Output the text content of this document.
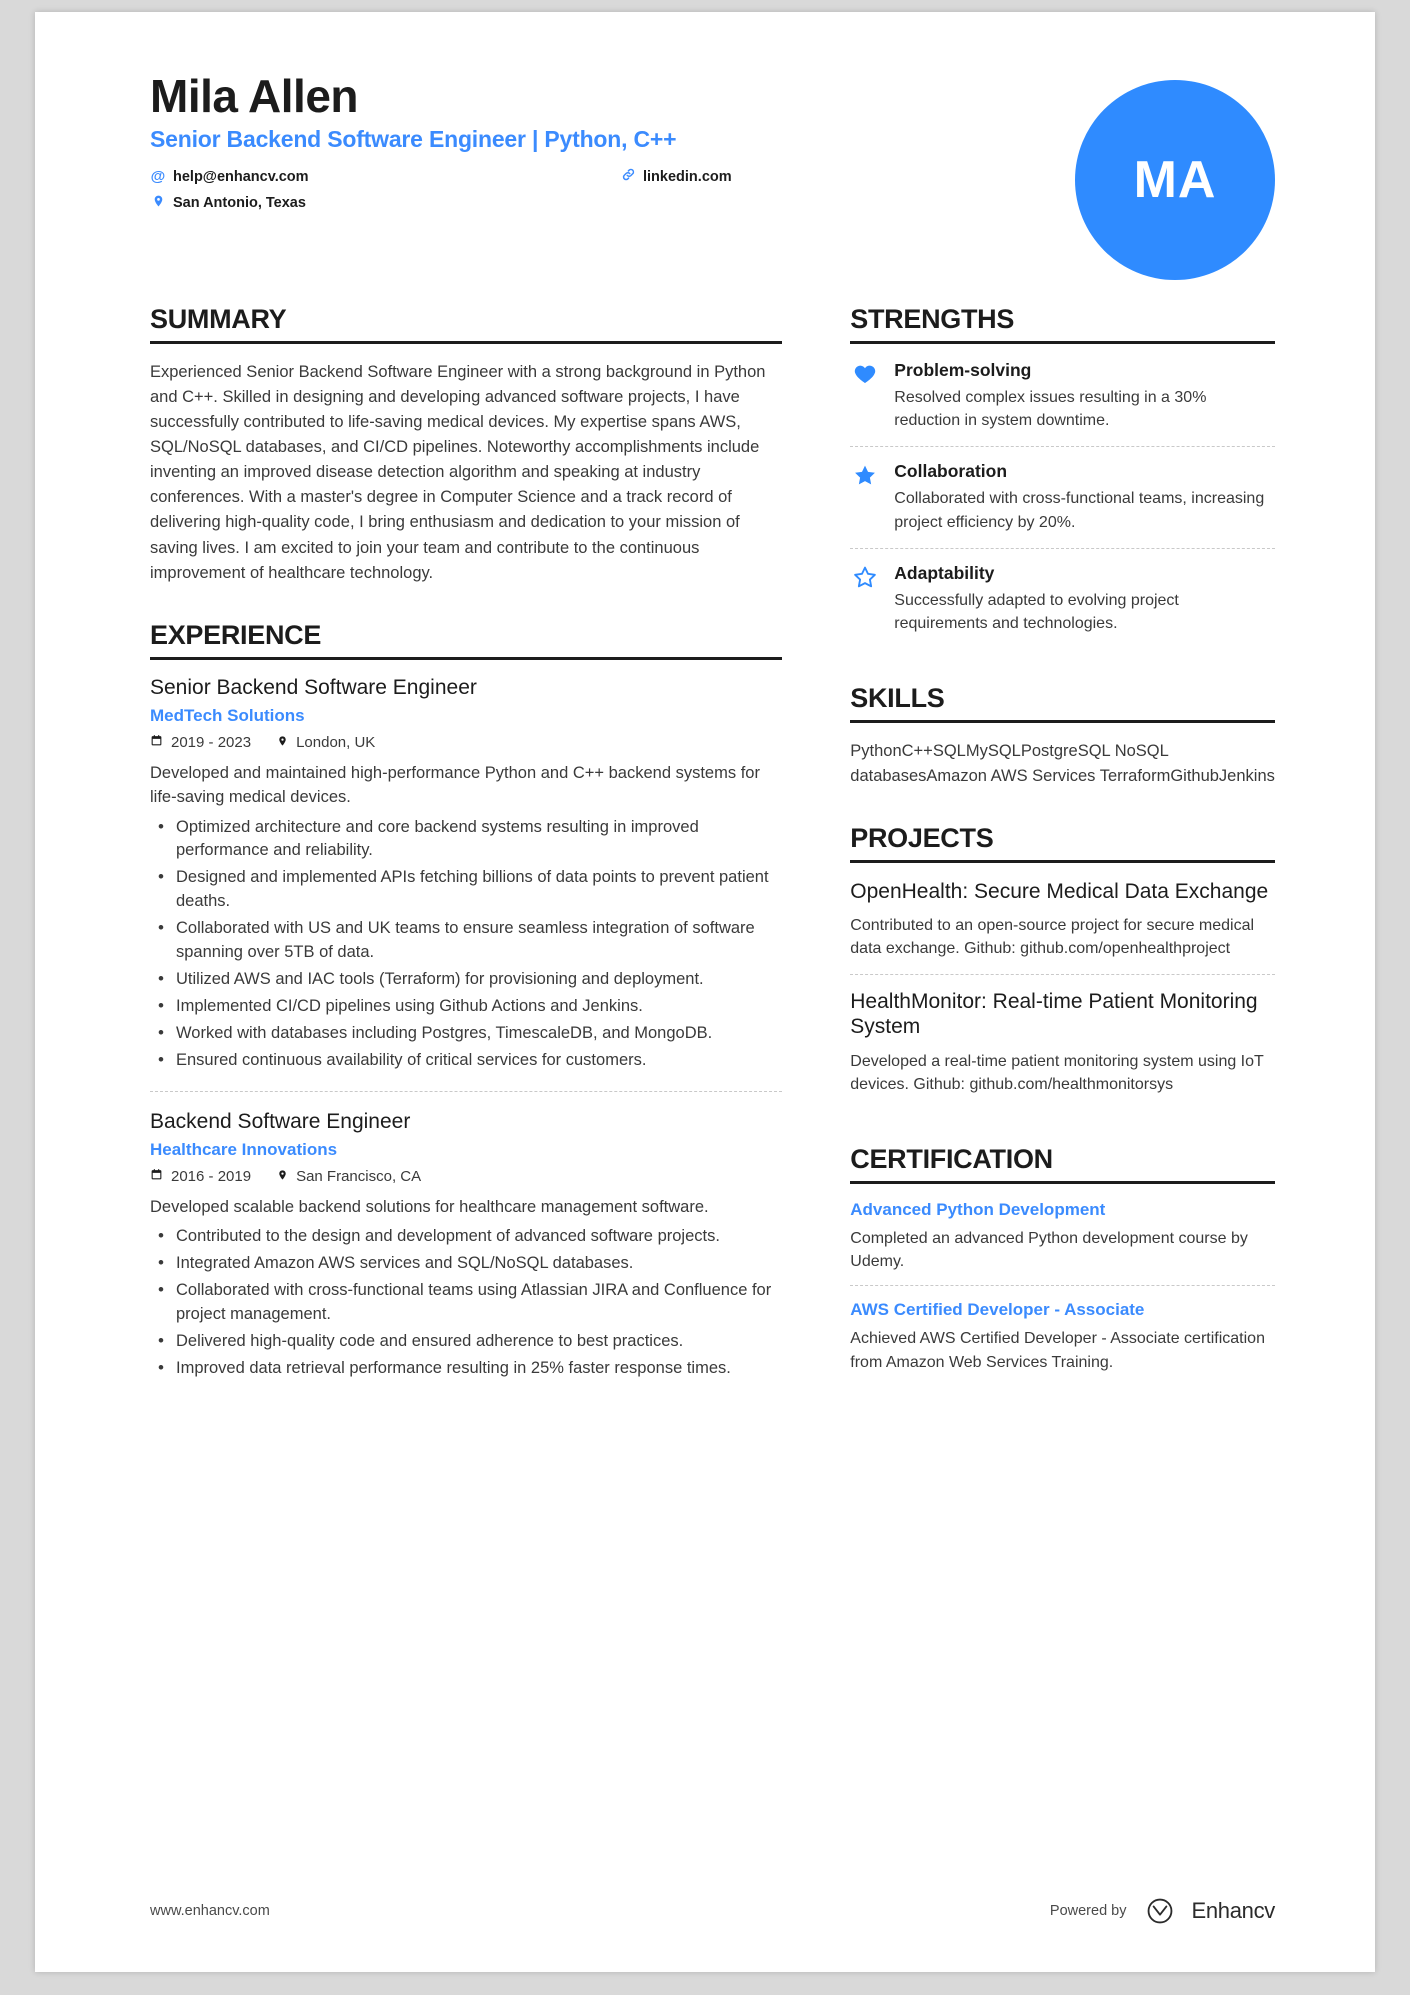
Mila Allen
Senior Backend Software Engineer | Python, C++
@ help@enhancv.com	linkedin.com
San Antonio, Texas	MA
SUMMARY

Experienced Senior Backend Software Engineer with a strong background in Python and C++. Skilled in designing and developing advanced software projects, I have successfully contributed to life-saving medical devices. My expertise spans AWS, SQL/NoSQL databases, and CI/CD pipelines. Noteworthy accomplishments include inventing an improved disease detection algorithm and speaking at industry conferences. With a master's degree in Computer Science and a track record of delivering high-quality code, I bring enthusiasm and dedication to your mission of saving lives. I am excited to join your team and contribute to the continuous improvement of healthcare technology.

EXPERIENCE
Senior Backend Software Engineer
MedTech Solutions
2019 - 2023	London, UK

Developed and maintained high-performance Python and C++ backend systems for life-saving medical devices.

• Optimized architecture and core backend systems resulting in improved performance and reliability.
• Designed and implemented APIs fetching billions of data points to prevent patient deaths.
• Collaborated with US and UK teams to ensure seamless integration of software spanning over 5TB of data.
• Utilized AWS and IAC tools (Terraform) for provisioning and deployment.
• Implemented CI/CD pipelines using Github Actions and Jenkins.
• Worked with databases including Postgres, TimescaleDB, and MongoDB.
• Ensured continuous availability of critical services for customers.
Backend Software Engineer
Healthcare Innovations
2016 - 2019	San Francisco, CA

Developed scalable backend solutions for healthcare management software.

• Contributed to the design and development of advanced software projects.
• Integrated Amazon AWS services and SQL/NoSQL databases.
• Collaborated with cross-functional teams using Atlassian JIRA and Confluence for project management.
• Delivered high-quality code and ensured adherence to best practices.
• Improved data retrieval performance resulting in 25% faster response times.
STRENGTHS
Problem-solving

Resolved complex issues resulting in a 30% reduction in system downtime.

Collaboration

Collaborated with cross-functional teams, increasing project efficiency by 20%.

Adaptability

Successfully adapted to evolving project requirements and technologies.

SKILLS
PythonC++SQLMySQLPostgreSQL NoSQL databasesAmazon AWS Services TerraformGithubJenkins
PROJECTS
OpenHealth: Secure Medical Data Exchange

Contributed to an open-source project for secure medical data exchange. Github: github.com/openhealthproject

HealthMonitor: Real-time Patient Monitoring System

Developed a real-time patient monitoring system using IoT devices. Github: github.com/healthmonitorsys

CERTIFICATION
Advanced Python Development

Completed an advanced Python development course by Udemy.

AWS Certified Developer - Associate

Achieved AWS Certified Developer - Associate certification from Amazon Web Services Training.

www.enhancv.com	Powered by	Enhancv
